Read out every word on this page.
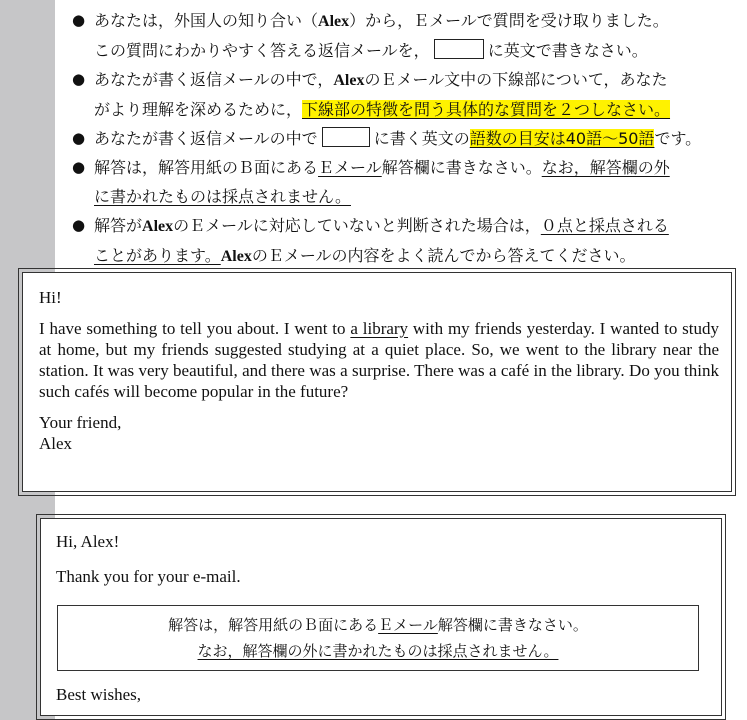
● あなたは，外国人の知り合い（Alex）から，Ｅメールで質問を受け取りました。
この質問にわかりやすく答える返信メールを，	に英文で書きなさい。
● あなたが書く返信メールの中で，AlexのＥメール文中の下線部について，あなた
がより理解を深めるために，下線部の特徴を問う具体的な質問を２つしなさい。
● あなたが書く返信メールの中で	に書く英文の語数の目安は40語〜50語です。
● 解答は，解答用紙のＢ面にあるＥメール解答欄に書きなさい。なお，解答欄の外
に書かれたものは採点されません。
● 解答がAlexのＥメールに対応していないと判断された場合は，０点と採点される
ことがあります。AlexのＥメールの内容をよく読んでから答えてください。

Hi!

I have something to tell you about. I went to a library with my friends yesterday. I wanted to study at home, but my friends suggested studying at a quiet place. So, we went to the library near the station. It was very beautiful, and there was a surprise. There was a café in the library. Do you think such cafés will become popular in the future?

Your friend,
Alex

Hi, Alex!

Thank you for your e-mail.

解答は，解答用紙のＢ面にあるＥメール解答欄に書きなさい。
なお，解答欄の外に書かれたものは採点されません。
Best wishes,
